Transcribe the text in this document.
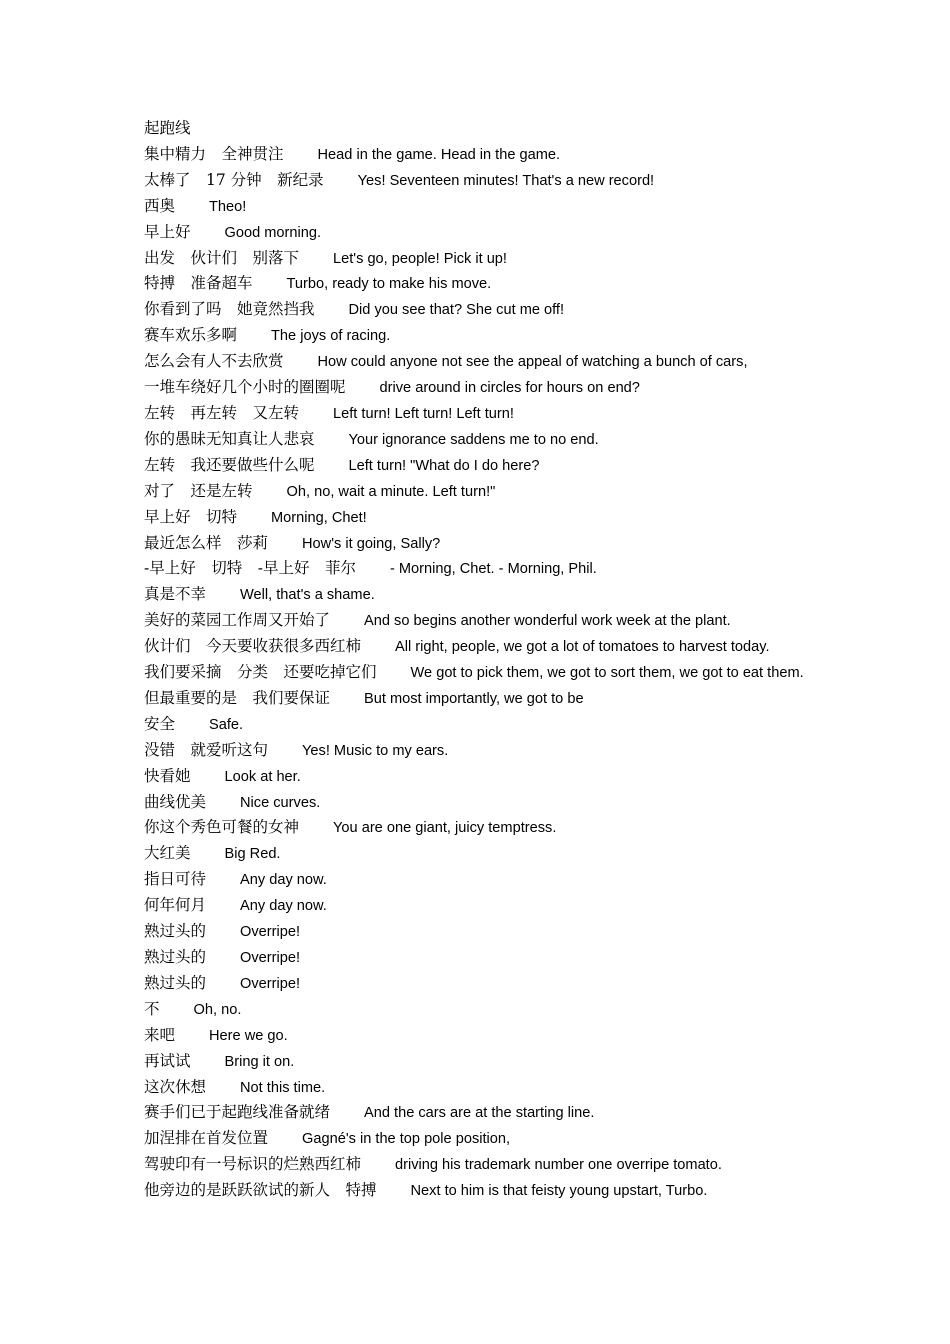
起跑线
集中精力　全神贯注 Head in the game. Head in the game.
太棒了　17 分钟　新纪录 Yes! Seventeen minutes! That's a new record!
西奥 Theo!
早上好 Good morning.
出发　伙计们　别落下 Let's go, people! Pick it up!
特搏　准备超车 Turbo, ready to make his move.
你看到了吗　她竟然挡我 Did you see that? She cut me off!
赛车欢乐多啊 The joys of racing.
怎么会有人不去欣赏 How could anyone not see the appeal of watching a bunch of cars,
一堆车绕好几个小时的圈圈呢 drive around in circles for hours on end?
左转　再左转　又左转 Left turn! Left turn! Left turn!
你的愚昧无知真让人悲哀 Your ignorance saddens me to no end.
左转　我还要做些什么呢 Left turn! "What do I do here?
对了　还是左转 Oh, no, wait a minute. Left turn!"
早上好　切特 Morning, Chet!
最近怎么样　莎莉 How's it going, Sally?
-早上好　切特　-早上好　菲尔 - Morning, Chet. - Morning, Phil.
真是不幸 Well, that's a shame.
美好的菜园工作周又开始了 And so begins another wonderful work week at the plant.
伙计们　今天要收获很多西红柿 All right, people, we got a lot of tomatoes to harvest today.
我们要采摘　分类　还要吃掉它们 We got to pick them, we got to sort them, we got to eat them.
但最重要的是　我们要保证 But most importantly, we got to be
安全 Safe.
没错　就爱听这句 Yes! Music to my ears.
快看她 Look at her.
曲线优美 Nice curves.
你这个秀色可餐的女神 You are one giant, juicy temptress.
大红美 Big Red.
指日可待 Any day now.
何年何月 Any day now.
熟过头的 Overripe!
熟过头的 Overripe!
熟过头的 Overripe!
不 Oh, no.
来吧 Here we go.
再试试 Bring it on.
这次休想 Not this time.
赛手们已于起跑线准备就绪 And the cars are at the starting line.
加涅排在首发位置 Gagné's in the top pole position,
驾驶印有一号标识的烂熟西红柿 driving his trademark number one overripe tomato.
他旁边的是跃跃欲试的新人　特搏 Next to him is that feisty young upstart, Turbo.
